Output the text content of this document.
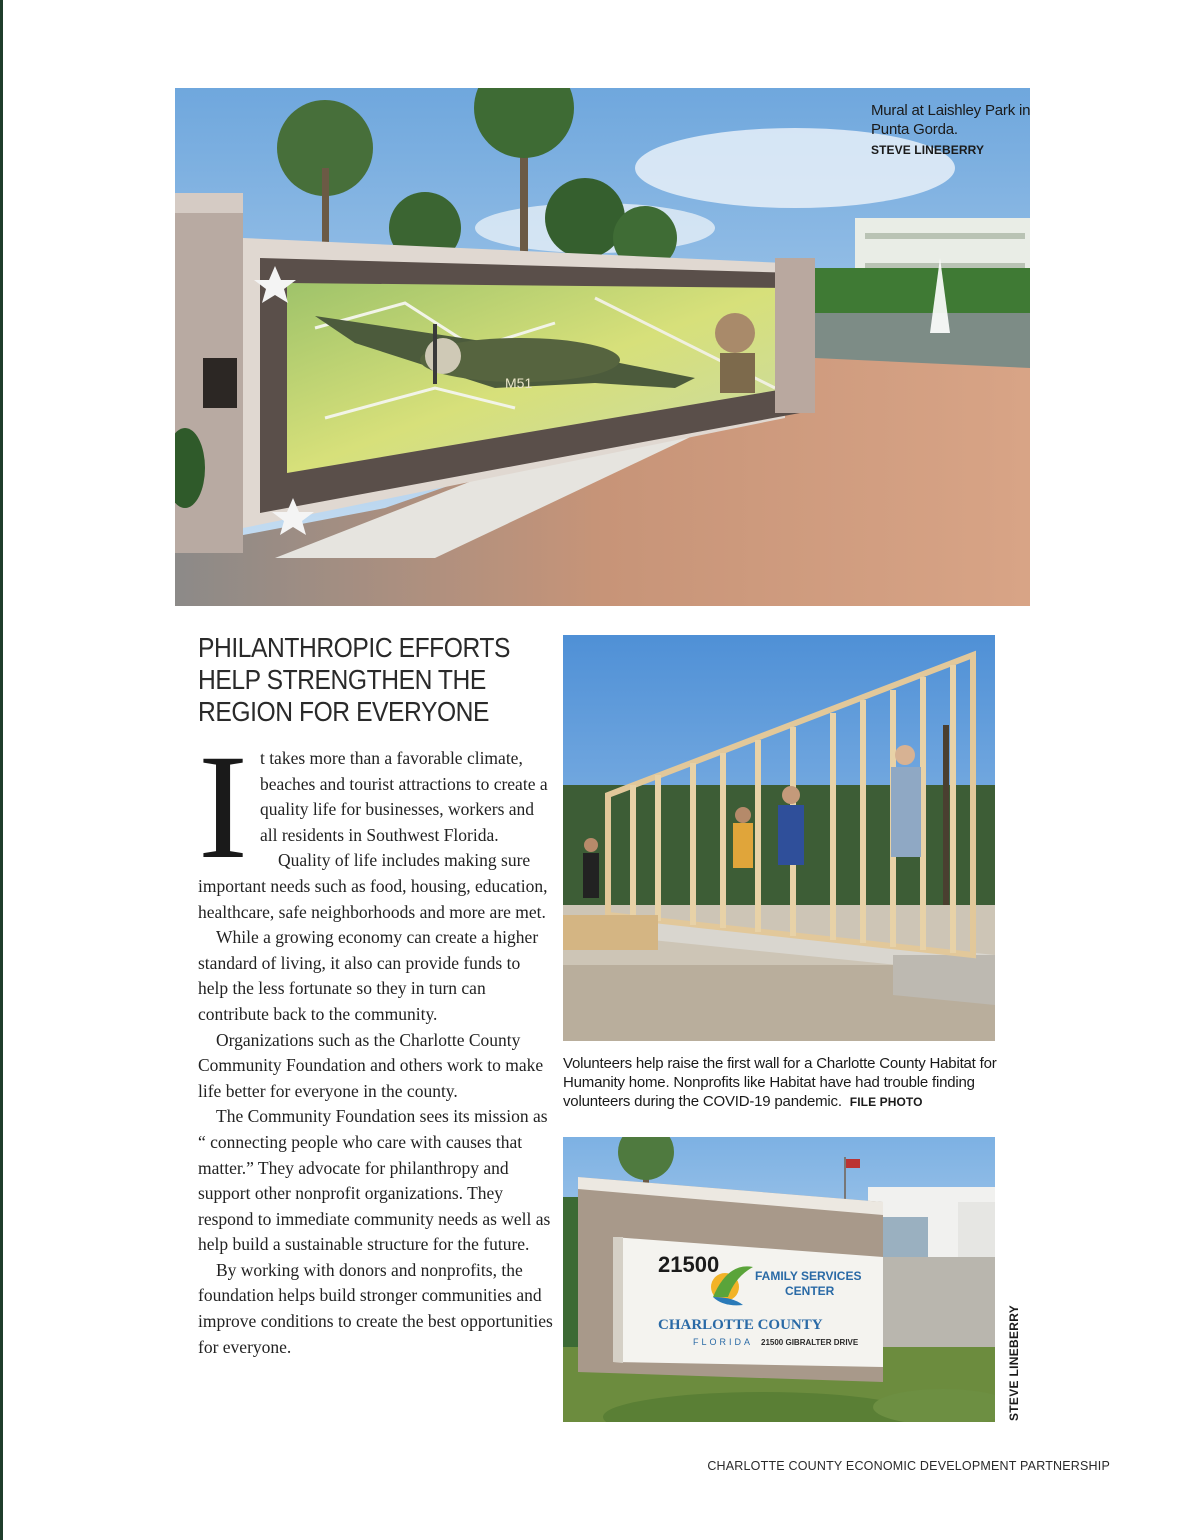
M51
Mural at Laishley Park in Punta Gorda.
STEVE LINEBERRY
PHILANTHROPIC EFFORTS HELP STRENGTHEN THE REGION FOR EVERYONE
I t takes more than a favorable climate, beaches and tourist attractions to create a quality life for businesses, workers and all residents in Southwest Florida.

Quality of life includes making sure important needs such as food, housing, education, healthcare, safe neighborhoods and more are met.

While a growing economy can create a higher standard of living, it also can provide funds to help the less fortunate so they in turn can contribute back to the community.

Organizations such as the Charlotte County Community Foundation and others work to make life better for everyone in the county.

The Community Foundation sees its mission as “ connecting people who care with causes that matter.” They advocate for philanthropy and support other nonprofit organizations. They respond to immediate community needs as well as help build a sustainable structure for the future.

By working with donors and nonprofits, the foundation helps build stronger communities and improve conditions to create the best opportunities for everyone.

Volunteers help raise the first wall for a Charlotte County Habitat for Humanity home. Nonprofits like Habitat have had trouble finding volunteers during the COVID-19 pandemic. FILE PHOTO
21500	FAMILY SERVICES
CENTER
CHARLOTTE COUNTY
FLORIDA 21500 GIBRALTER DRIVE	STEVE LINEBERRY
CHARLOTTE COUNTY ECONOMIC DEVELOPMENT PARTNERSHIP
